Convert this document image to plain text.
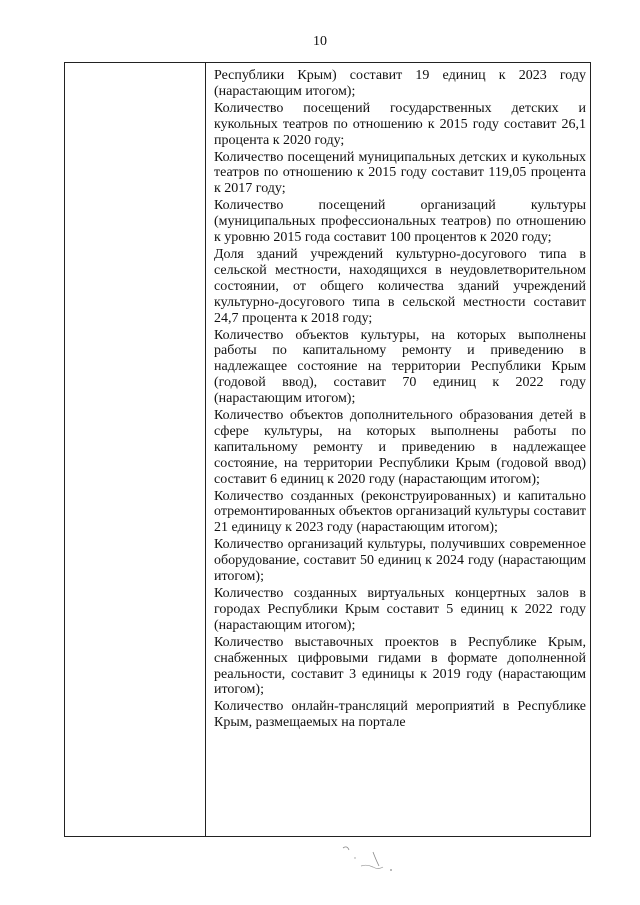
10

Республики Крым) составит 19 единиц к 2023 году (нарастающим итогом);

Количество посещений государственных детских и кукольных театров по отношению к 2015 году составит 26,1 процента к 2020 году;

Количество посещений муниципальных детских и кукольных театров по отношению к 2015 году составит 119,05 процента к 2017 году;

Количество посещений организаций культуры (муниципальных профессиональных театров) по отношению к уровню 2015 года составит 100 процентов к 2020 году;

Доля зданий учреждений культурно-досугового типа в сельской местности, находящихся в неудовлетворительном состоянии, от общего количества зданий учреждений культурно-досугового типа в сельской местности составит 24,7 процента к 2018 году;

Количество объектов культуры, на которых выполнены работы по капитальному ремонту и приведению в надлежащее состояние на территории Республики Крым (годовой ввод), составит 70 единиц к 2022 году (нарастающим итогом);

Количество объектов дополнительного образования детей в сфере культуры, на которых выполнены работы по капитальному ремонту и приведению в надлежащее состояние, на территории Республики Крым (годовой ввод) составит 6 единиц к 2020 году (нарастающим итогом);

Количество созданных (реконструированных) и капитально отремонтированных объектов организаций культуры составит 21 единицу к 2023 году (нарастающим итогом);

Количество организаций культуры, получивших современное оборудование, составит 50 единиц к 2024 году (нарастающим итогом);

Количество созданных виртуальных концертных залов в городах Республики Крым составит 5 единиц к 2022 году (нарастающим итогом);

Количество выставочных проектов в Республике Крым, снабженных цифровыми гидами в формате дополненной реальности, составит 3 единицы к 2019 году (нарастающим итогом);

Количество онлайн-трансляций мероприятий в Республике Крым, размещаемых на портале
